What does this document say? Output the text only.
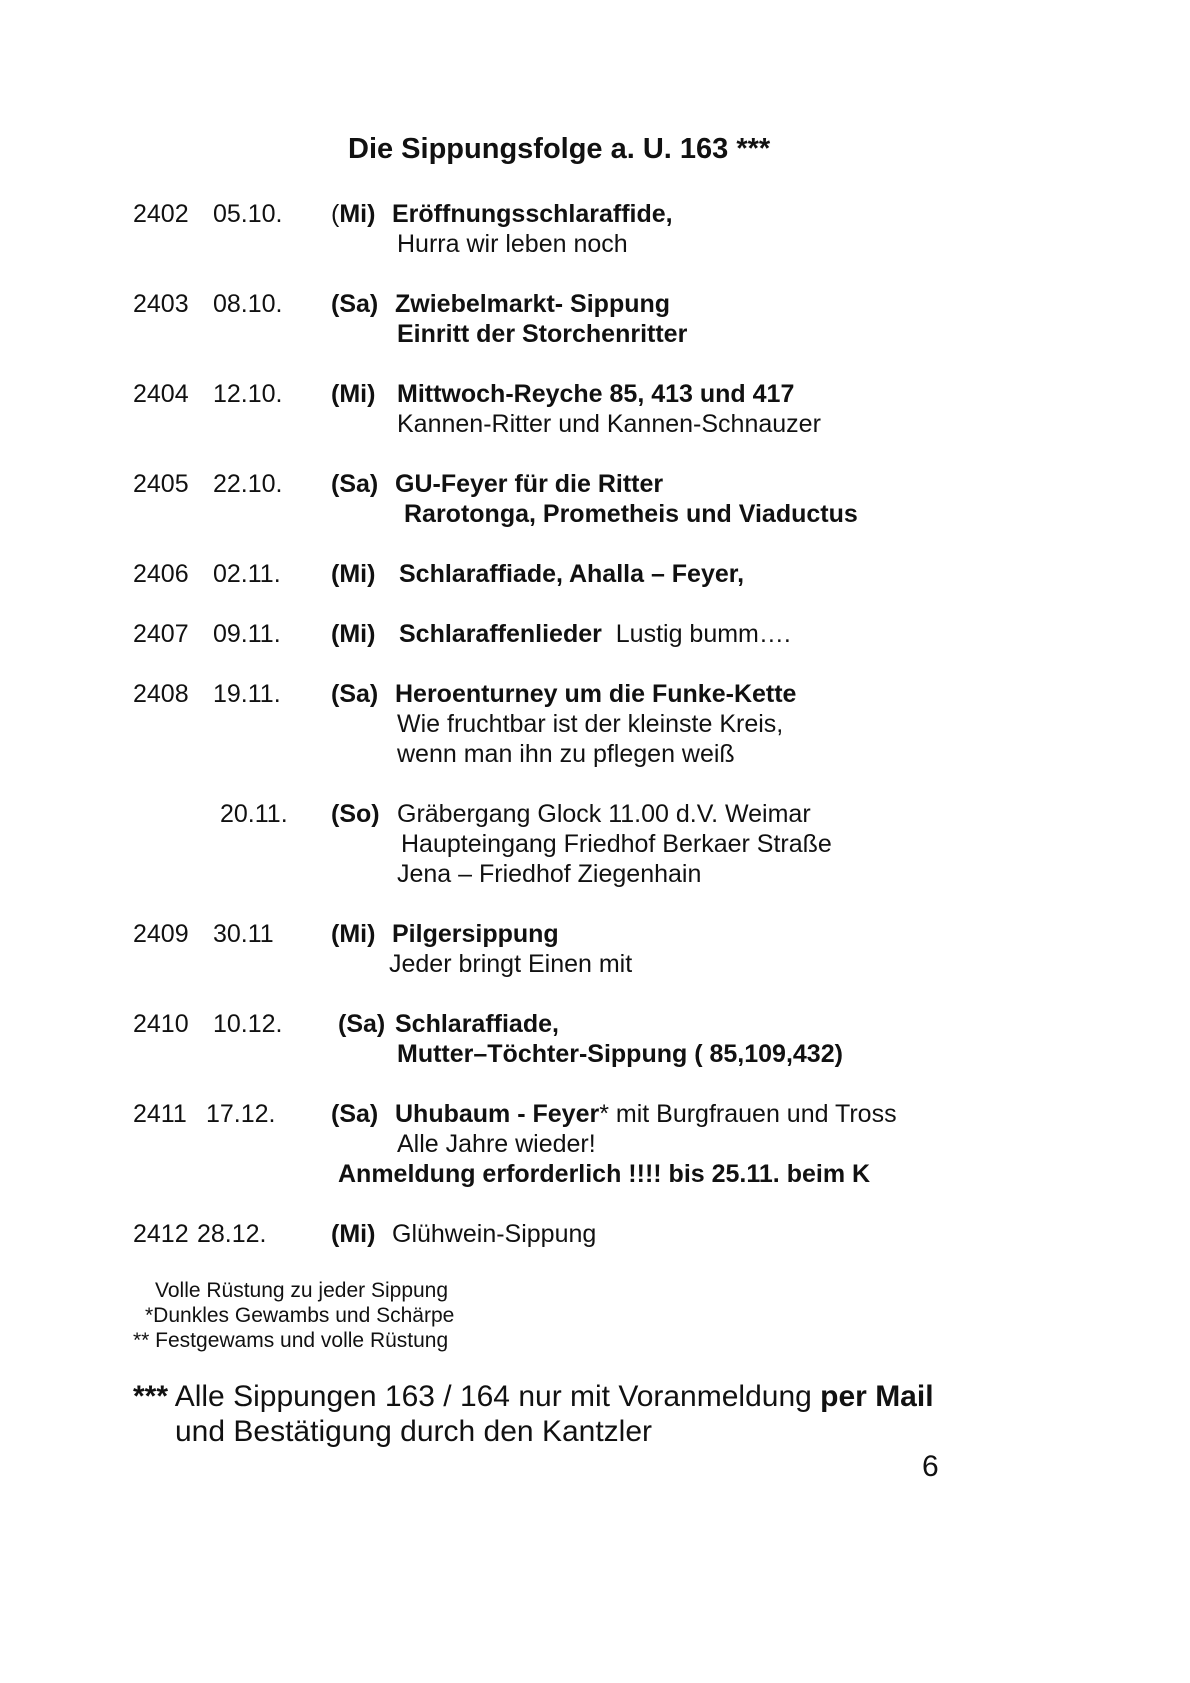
Die Sippungsfolge a. U. 163 ***
2402 05.10. (Mi) Eröffnungsschlaraffide,
Hurra wir leben noch
2403 08.10. (Sa) Zwiebelmarkt- Sippung
Einritt der Storchenritter
2404 12.10. (Mi) Mittwoch-Reyche 85, 413 und 417
Kannen-Ritter und Kannen-Schnauzer
2405 22.10. (Sa) GU-Feyer für die Ritter
Rarotonga, Prometheis und Viaductus
2406 02.11. (Mi) Schlaraffiade, Ahalla – Feyer,
2407 09.11. (Mi) Schlaraffenlieder Lustig bumm….
2408 19.11. (Sa) Heroenturney um die Funke-Kette
Wie fruchtbar ist der kleinste Kreis,
wenn man ihn zu pflegen weiß
20.11. (So) Gräbergang Glock 11.00 d.V. Weimar
Haupteingang Friedhof Berkaer Straße
Jena – Friedhof Ziegenhain
2409 30.11 (Mi) Pilgersippung
Jeder bringt Einen mit
2410 10.12. (Sa) Schlaraffiade,
Mutter–Töchter-Sippung ( 85,109,432)
2411 17.12. (Sa) Uhubaum - Feyer* mit Burgfrauen und Tross
Alle Jahre wieder!
Anmeldung erforderlich !!!! bis 25.11. beim K
2412 28.12.	(Mi) Glühwein-Sippung
Volle Rüstung zu jeder Sippung
*Dunkles Gewambs und Schärpe
** Festgewams und volle Rüstung
*** Alle Sippungen 163 / 164 nur mit Voranmeldung per Mail
und Bestätigung durch den Kantzler
6
